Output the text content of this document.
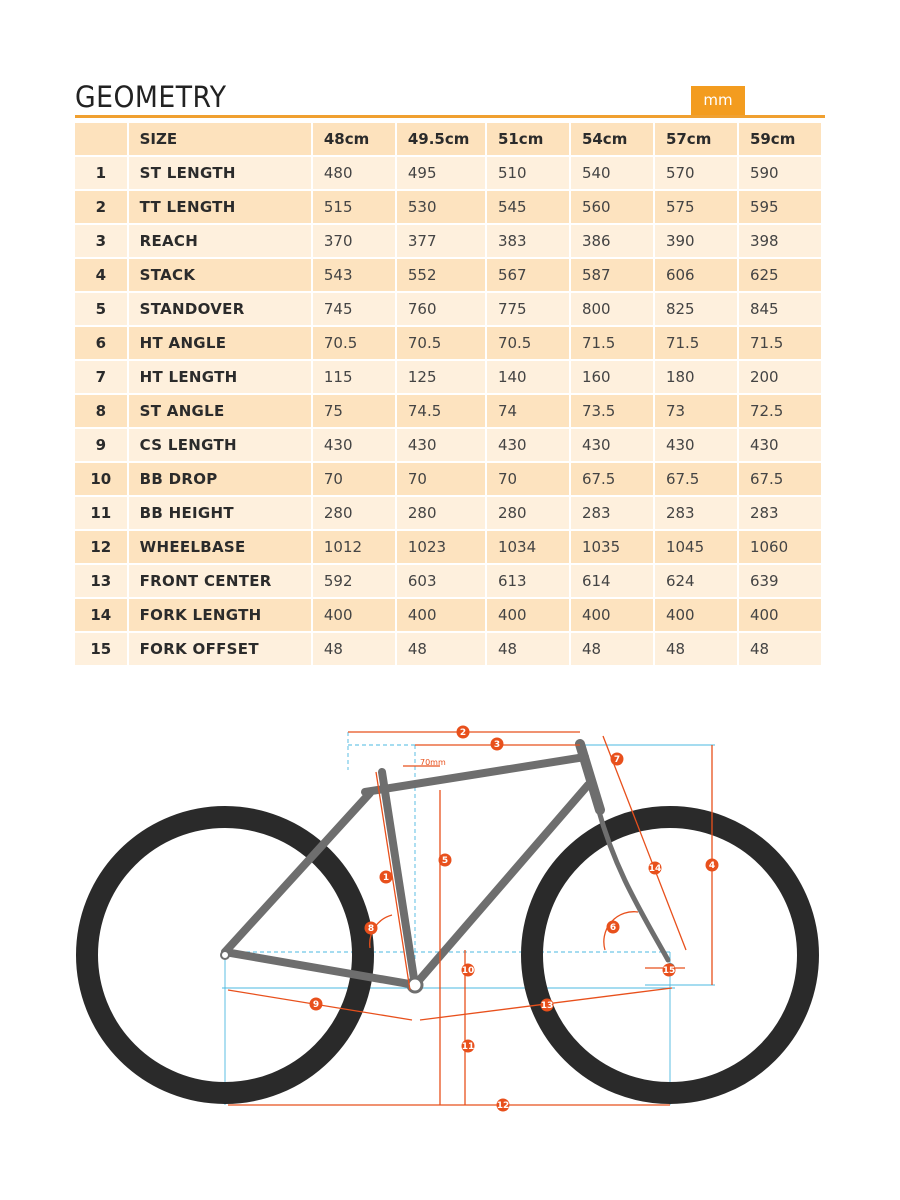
GEOMETRY	mm
	SIZE	48cm	49.5cm	51cm	54cm	57cm	59cm
1	ST LENGTH	480	495	510	540	570	590
2	TT LENGTH	515	530	545	560	575	595
3	REACH	370	377	383	386	390	398
4	STACK	543	552	567	587	606	625
5	STANDOVER	745	760	775	800	825	845
6	HT ANGLE	70.5	70.5	70.5	71.5	71.5	71.5
7	HT LENGTH	115	125	140	160	180	200
8	ST ANGLE	75	74.5	74	73.5	73	72.5
9	CS LENGTH	430	430	430	430	430	430
10	BB DROP	70	70	70	67.5	67.5	67.5
11	BB HEIGHT	280	280	280	283	283	283
12	WHEELBASE	1012	1023	1034	1035	1045	1060
13	FRONT CENTER	592	603	613	614	624	639
14	FORK LENGTH	400	400	400	400	400	400
15	FORK OFFSET	48	48	48	48	48	48
70mm
1
2
3
4
5
6
7
8
9
10
11
12
13
14
15
